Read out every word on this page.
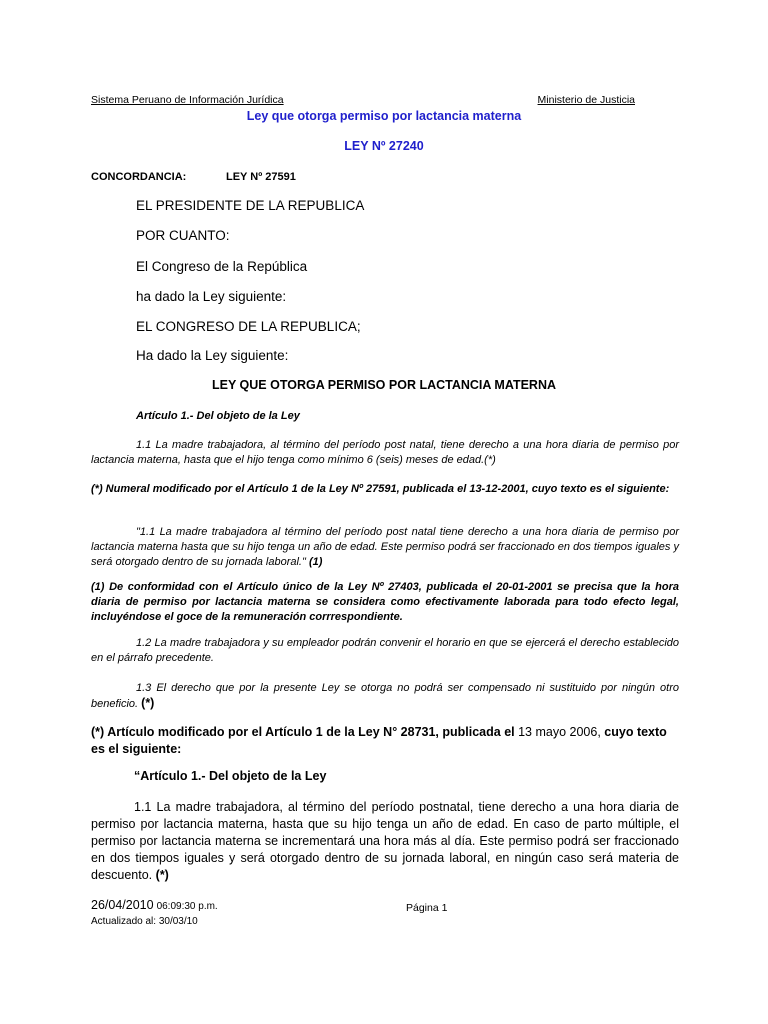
Sistema Peruano de Información Jurídica	Ministerio de Justicia

Ley que otorga permiso por lactancia materna

LEY Nº 27240

CONCORDANCIA:	LEY Nº 27591

EL PRESIDENTE DE LA REPUBLICA

POR CUANTO:

El Congreso de la República

ha dado la Ley siguiente:

EL CONGRESO DE LA REPUBLICA;

Ha dado la Ley siguiente:

LEY QUE OTORGA PERMISO POR LACTANCIA MATERNA

Artículo 1.- Del objeto de la Ley

1.1 La madre trabajadora, al término del período post natal, tiene derecho a una hora diaria de permiso por lactancia materna, hasta que el hijo tenga como mínimo 6 (seis) meses de edad.(*)

(*) Numeral modificado por el Artículo 1 de la Ley Nº 27591, publicada el 13-12-2001, cuyo texto es el siguiente:

"1.1 La madre trabajadora al término del período post natal tiene derecho a una hora diaria de permiso por lactancia materna hasta que su hijo tenga un año de edad. Este permiso podrá ser fraccionado en dos tiempos iguales y será otorgado dentro de su jornada laboral." (1)

(1) De conformidad con el Artículo único de la Ley Nº 27403, publicada el 20-01-2001 se precisa que la hora diaria de permiso por lactancia materna se considera como efectivamente laborada para todo efecto legal, incluyéndose el goce de la remuneración corrrespondiente.

1.2 La madre trabajadora y su empleador podrán convenir el horario en que se ejercerá el derecho establecido en el párrafo precedente.

1.3 El derecho que por la presente Ley se otorga no podrá ser compensado ni sustituido por ningún otro beneficio. (*)

(*) Artículo modificado por el Artículo 1 de la Ley N° 28731, publicada el 13 mayo 2006, cuyo texto es el siguiente:

“Artículo 1.- Del objeto de la Ley

1.1 La madre trabajadora, al término del período postnatal, tiene derecho a una hora diaria de permiso por lactancia materna, hasta que su hijo tenga un año de edad. En caso de parto múltiple, el permiso por lactancia materna se incrementará una hora más al día. Este permiso podrá ser fraccionado en dos tiempos iguales y será otorgado dentro de su jornada laboral, en ningún caso será materia de descuento. (*)

26/04/2010 06:09:30 p.m.

Actualizado al: 30/03/10

Página 1
